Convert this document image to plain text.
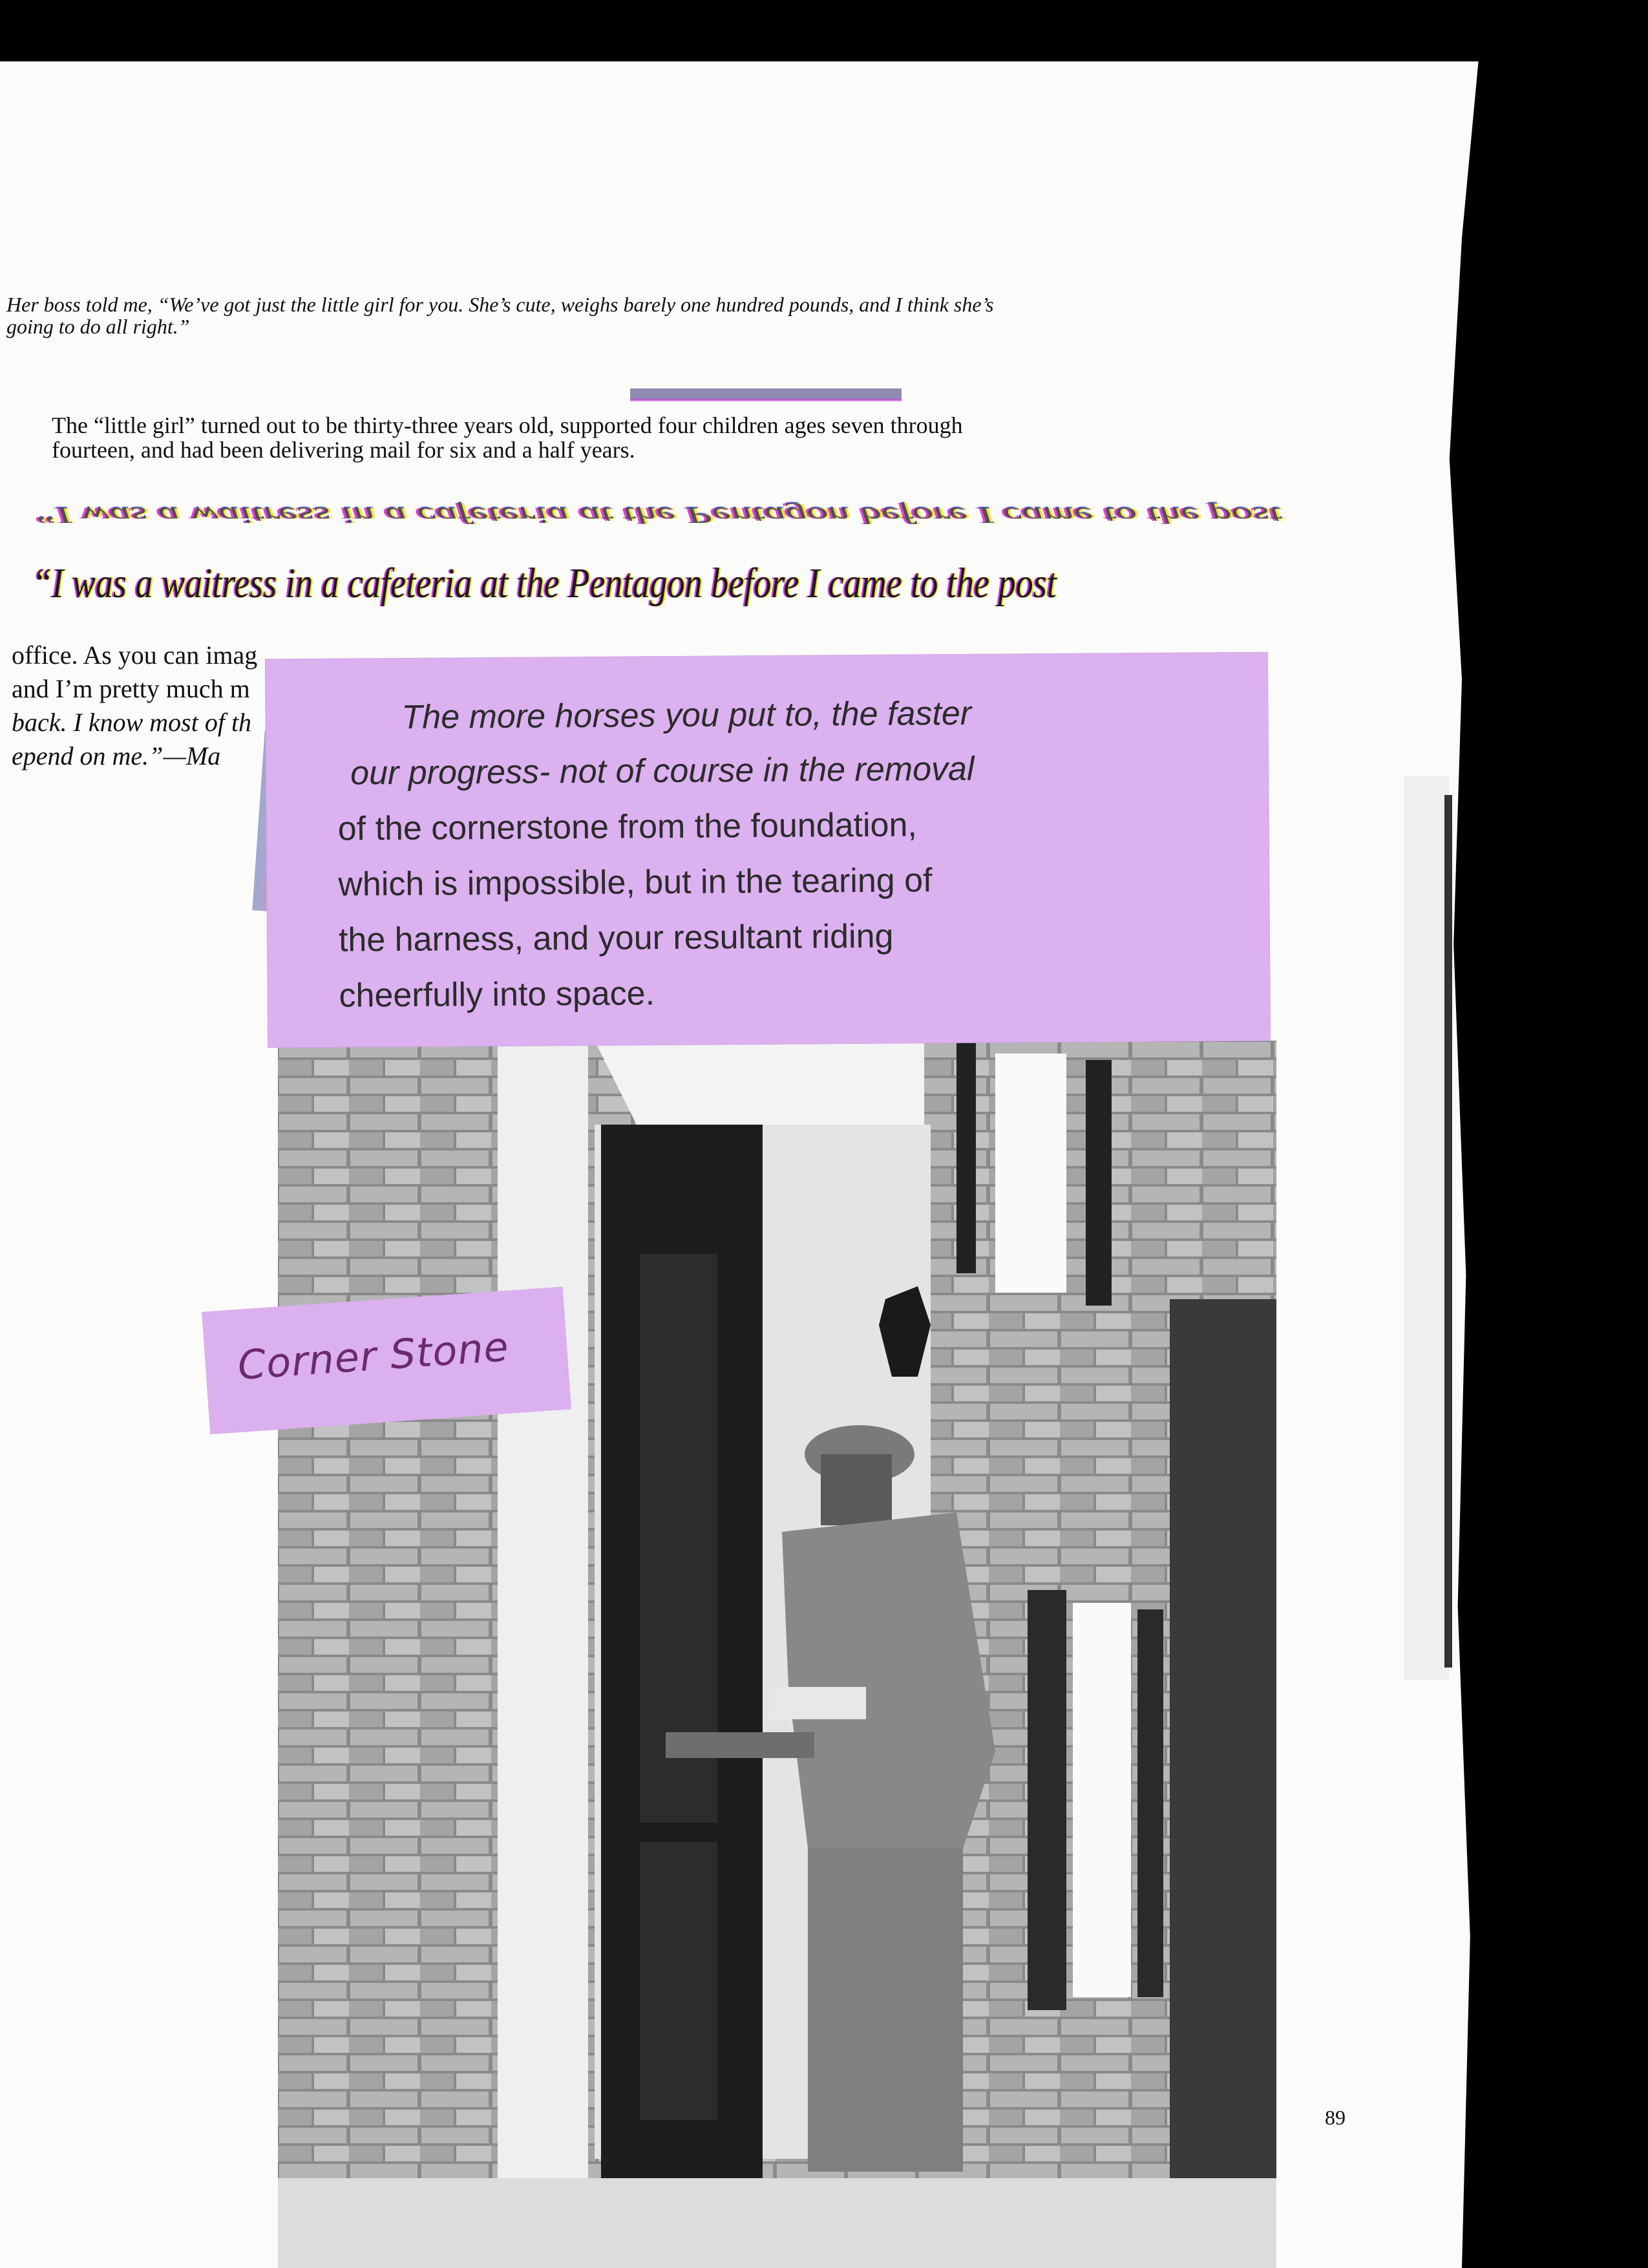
Her boss told me, “We’ve got just the little girl for you. She’s cute, weighs barely one hundred pounds, and I think she’s going to do all right.”
The “little girl” turned out to be thirty-three years old, supported four children ages seven through fourteen, and had been delivering mail for six and a half years.
“I was a waitress in a cafeteria at the Pentagon before I came to the post
“I was a waitress in a cafeteria at the Pentagon before I came to the post
office. As you can imag
and I’m pretty much m
back. I know most of th
epend on me.”—Ma
The more horses you put to, the faster
our progress- not of course in the removal
of the cornerstone from the foundation,
which is impossible, but in the tearing of
the harness, and your resultant riding
cheerfully into space.
Corner Stone
89
